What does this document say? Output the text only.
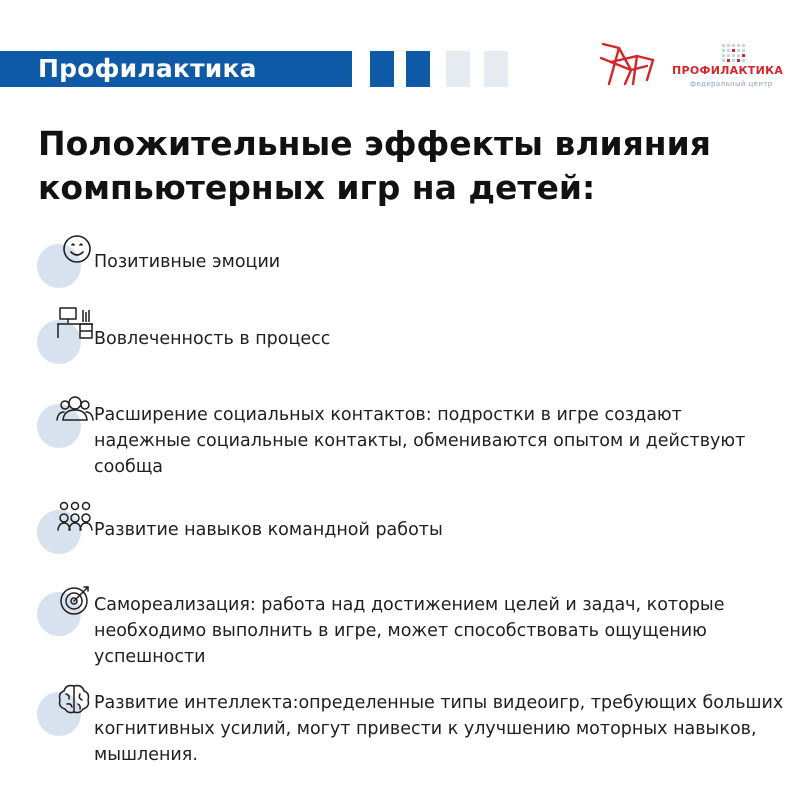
Профилактика	ПРОФИЛАКТИКА
федеральный центр
Положительные эффекты влияния
компьютерных игр на детей:
Позитивные эмоции
Вовлеченность в процесс
Расширение социальных контактов: подростки в игре создают надежные социальные контакты, обмениваются опытом и действуют сообща
Развитие навыков командной работы
Самореализация: работа над достижением целей и задач, которые необходимо выполнить в игре, может способствовать ощущению успешности
Развитие интеллекта:определенные типы видеоигр, требующих больших когнитивных усилий, могут привести к улучшению моторных навыков, мышления.
